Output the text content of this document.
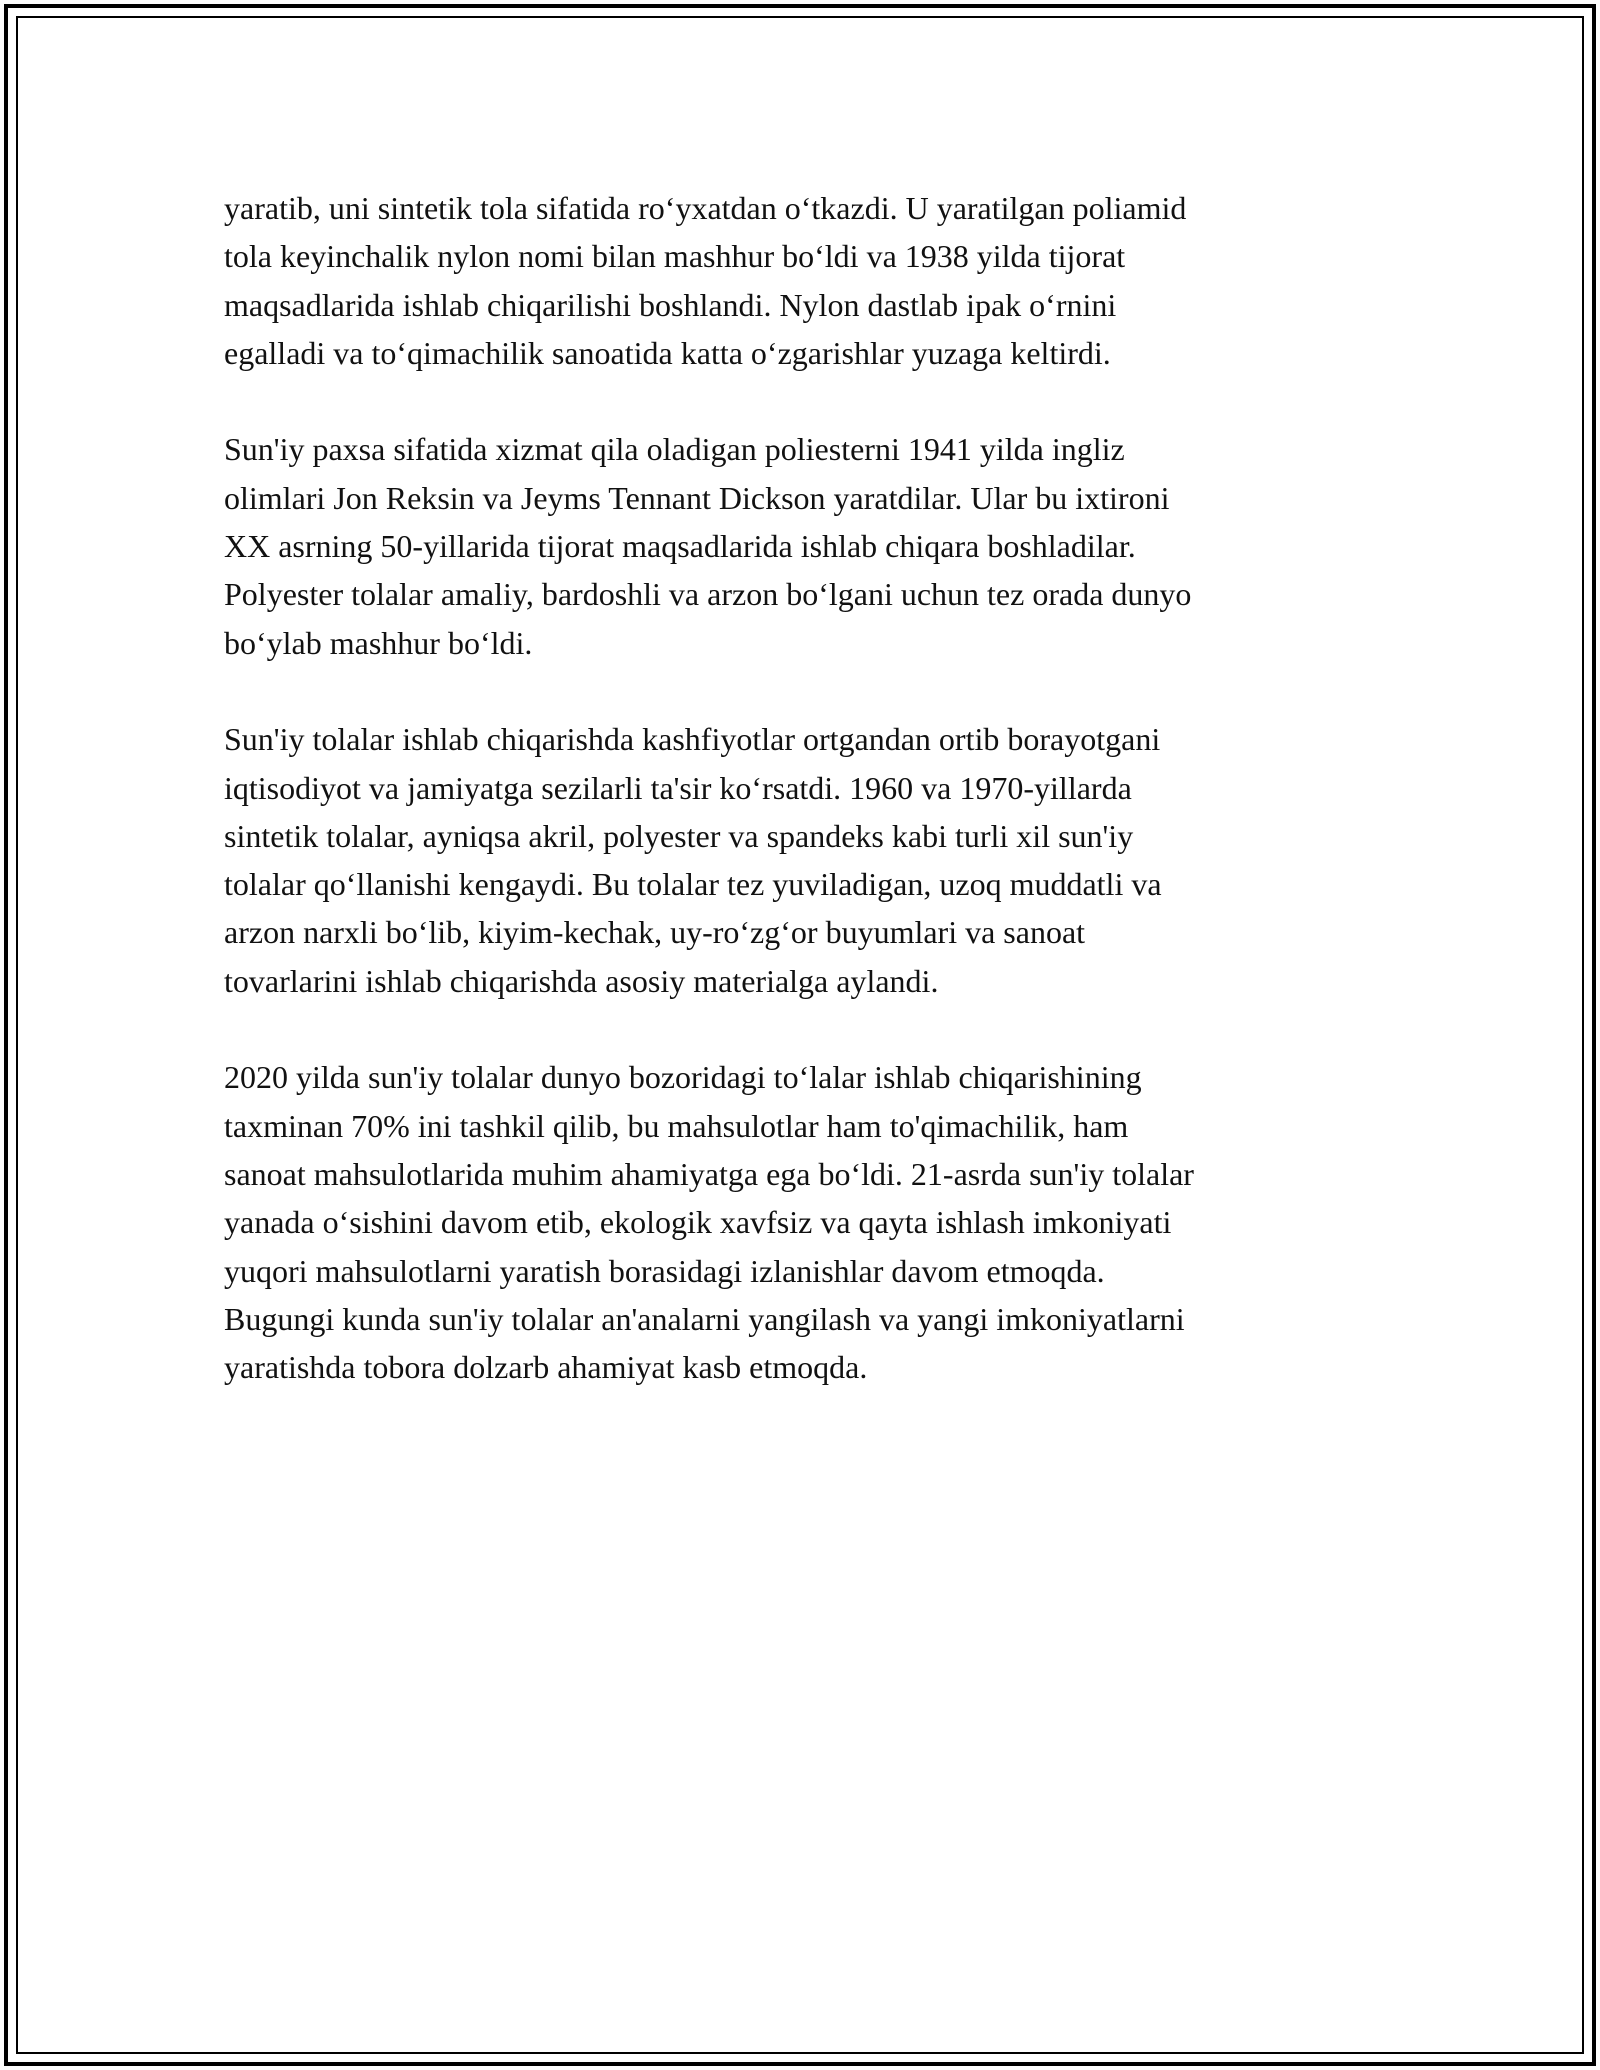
yaratib, uni sintetik tola sifatida ro‘yxatdan o‘tkazdi. U yaratilgan poliamid
tola keyinchalik nylon nomi bilan mashhur bo‘ldi va 1938 yilda tijorat
maqsadlarida ishlab chiqarilishi boshlandi. Nylon dastlab ipak o‘rnini
egalladi va to‘qimachilik sanoatida katta o‘zgarishlar yuzaga keltirdi.

Sun'iy paxsa sifatida xizmat qila oladigan poliesterni 1941 yilda ingliz
olimlari Jon Reksin va Jeyms Tennant Dickson yaratdilar. Ular bu ixtironi
XX asrning 50-yillarida tijorat maqsadlarida ishlab chiqara boshladilar.
Polyester tolalar amaliy, bardoshli va arzon bo‘lgani uchun tez orada dunyo
bo‘ylab mashhur bo‘ldi.

Sun'iy tolalar ishlab chiqarishda kashfiyotlar ortgandan ortib borayotgani
iqtisodiyot va jamiyatga sezilarli ta'sir ko‘rsatdi. 1960 va 1970-yillarda
sintetik tolalar, ayniqsa akril, polyester va spandeks kabi turli xil sun'iy
tolalar qo‘llanishi kengaydi. Bu tolalar tez yuviladigan, uzoq muddatli va
arzon narxli bo‘lib, kiyim-kechak, uy-ro‘zg‘or buyumlari va sanoat
tovarlarini ishlab chiqarishda asosiy materialga aylandi.

2020 yilda sun'iy tolalar dunyo bozoridagi to‘lalar ishlab chiqarishining
taxminan 70% ini tashkil qilib, bu mahsulotlar ham to'qimachilik, ham
sanoat mahsulotlarida muhim ahamiyatga ega bo‘ldi. 21-asrda sun'iy tolalar
yanada o‘sishini davom etib, ekologik xavfsiz va qayta ishlash imkoniyati
yuqori mahsulotlarni yaratish borasidagi izlanishlar davom etmoqda.
Bugungi kunda sun'iy tolalar an'analarni yangilash va yangi imkoniyatlarni
yaratishda tobora dolzarb ahamiyat kasb etmoqda.
